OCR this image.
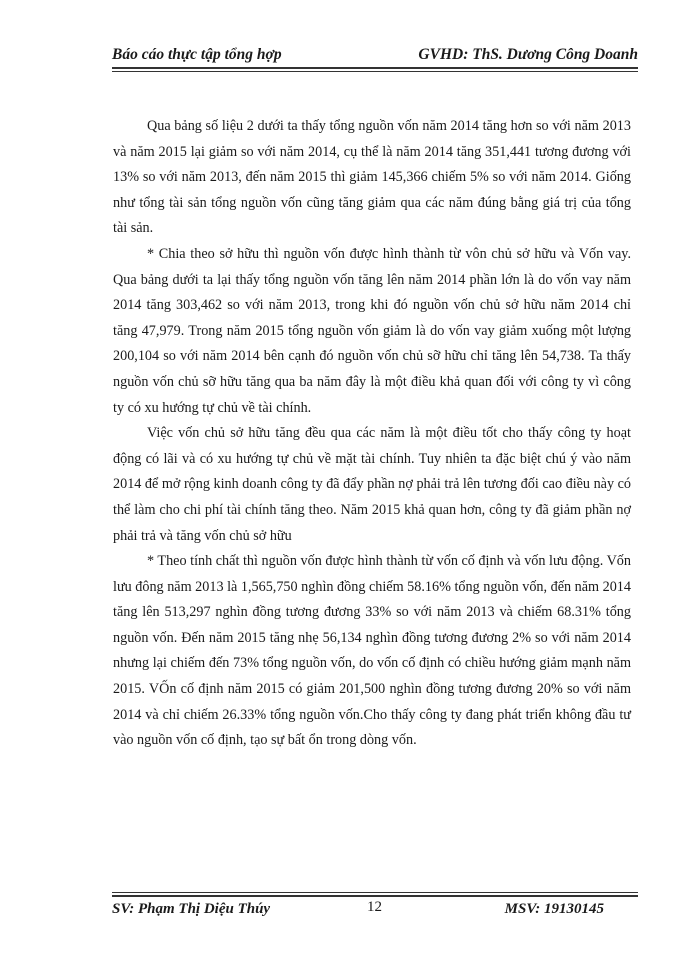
Báo cáo thực tập tổng hợp	GVHD: ThS. Dương Công Doanh

Qua bảng số liệu 2 dưới ta thấy tổng nguồn vốn năm 2014 tăng hơn so với năm 2013 và năm 2015 lại giảm so với năm 2014, cụ thể là năm 2014 tăng 351,441 tương đương với 13% so với năm 2013, đến năm 2015 thì giảm 145,366 chiếm 5% so với năm 2014. Giống như tổng tài sản tổng nguồn vốn cũng tăng giảm qua các năm đúng bằng giá trị của tổng tài sản.

* Chia theo sở hữu thì nguồn vốn được hình thành từ vôn chủ sở hữu và Vốn vay. Qua bảng dưới ta lại thấy tổng nguồn vốn tăng lên năm 2014 phần lớn là do vốn vay năm 2014 tăng 303,462 so với năm 2013, trong khi đó nguồn vốn chủ sở hữu năm 2014 chỉ tăng 47,979. Trong năm 2015 tổng nguồn vốn giảm là do vốn vay giảm xuống một lượng 200,104 so với năm 2014 bên cạnh đó nguồn vốn chủ sỡ hữu chỉ tăng lên 54,738. Ta thấy nguồn vốn chủ sỡ hữu tăng qua ba năm đây là một điều khả quan đối với công ty vì công ty có xu hướng tự chủ về tài chính.

Việc vốn chủ sở hữu tăng đều qua các năm là một điều tốt cho thấy công ty hoạt động có lãi và có xu hướng tự chủ về mặt tài chính. Tuy nhiên ta đặc biệt chú ý vào năm 2014 để mở rộng kinh doanh công ty đã đẩy phần nợ phải trả lên tương đối cao điều này có thể làm cho chi phí tài chính tăng theo. Năm 2015 khả quan hơn, công ty đã giảm phần nợ phải trả và tăng vốn chủ sở hữu

* Theo tính chất thì nguồn vốn được hình thành từ vốn cố định và vốn lưu động. Vốn lưu đông năm 2013 là 1,565,750 nghìn đồng chiếm 58.16% tổng nguồn vốn, đến năm 2014 tăng lên 513,297 nghìn đồng tương đương 33% so với năm 2013 và chiếm 68.31% tổng nguồn vốn. Đến năm 2015 tăng nhẹ 56,134 nghìn đồng tương đương 2% so với năm 2014 nhưng lại chiếm đến 73% tổng nguồn vốn, do vốn cố định có chiều hướng giảm mạnh năm 2015. VỐn cố định năm 2015 có giảm 201,500 nghìn đồng tương đương 20% so với năm 2014 và chỉ chiếm 26.33% tổng nguồn vốn.Cho thấy công ty đang phát triển không đầu tư vào nguồn vốn cố định, tạo sự bất ổn trong dòng vốn.

SV: Phạm Thị Diệu Thúy	12	MSV: 19130145
